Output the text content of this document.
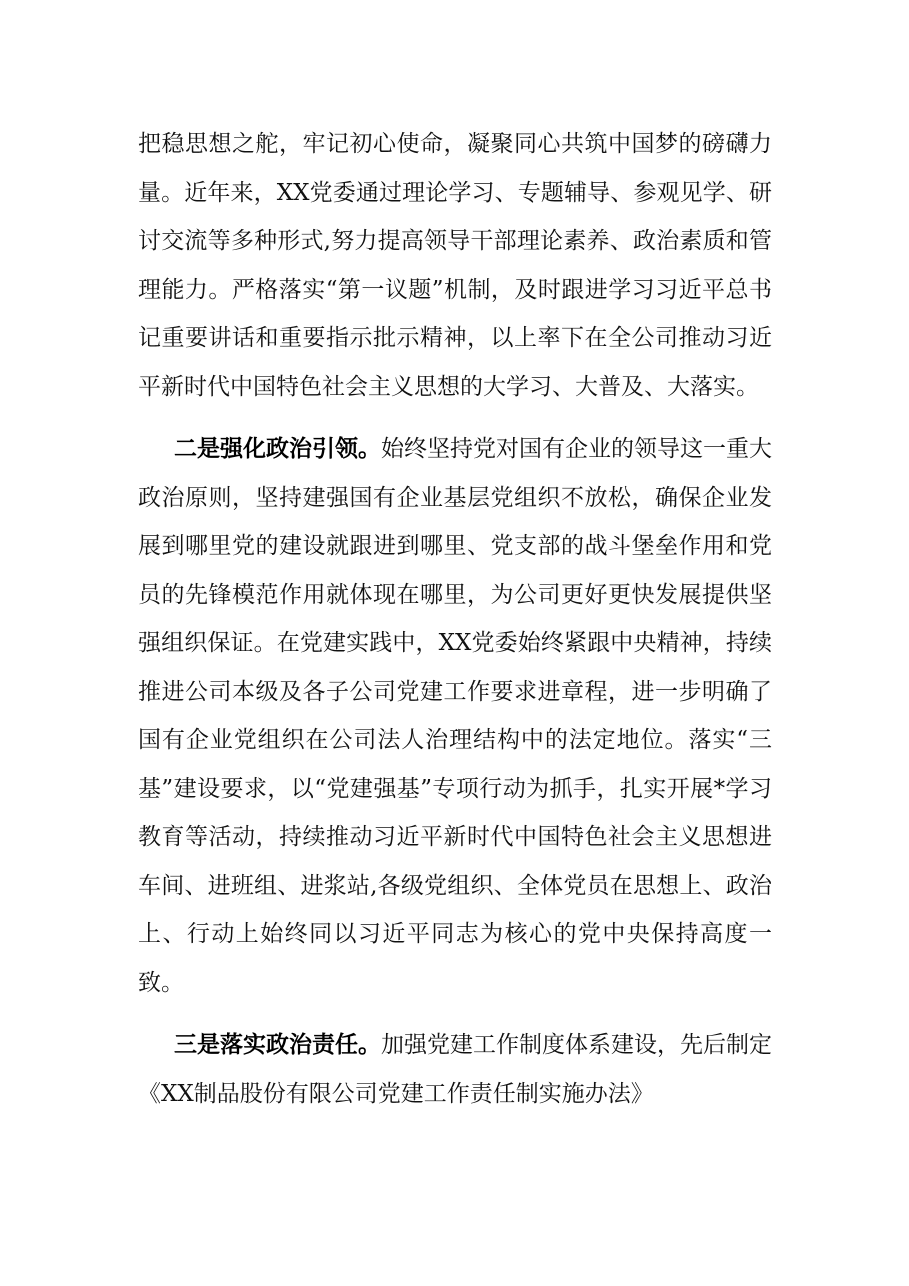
把稳思想之舵，牢记初心使命，凝聚同心共筑中国梦的磅礴力量。近年来，XX党委通过理论学习、专题辅导、参观见学、研讨交流等多种形式,努力提高领导干部理论素养、政治素质和管理能力。严格落实“第一议题”机制，及时跟进学习习近平总书记重要讲话和重要指示批示精神，以上率下在全公司推动习近平新时代中国特色社会主义思想的大学习、大普及、大落实。

二是强化政治引领。始终坚持党对国有企业的领导这一重大政治原则，坚持建强国有企业基层党组织不放松，确保企业发展到哪里党的建设就跟进到哪里、党支部的战斗堡垒作用和党员的先锋模范作用就体现在哪里，为公司更好更快发展提供坚强组织保证。在党建实践中，XX党委始终紧跟中央精神，持续推进公司本级及各子公司党建工作要求进章程，进一步明确了国有企业党组织在公司法人治理结构中的法定地位。落实“三基”建设要求，以“党建强基”专项行动为抓手，扎实开展*学习教育等活动，持续推动习近平新时代中国特色社会主义思想进车间、进班组、进浆站,各级党组织、全体党员在思想上、政治上、行动上始终同以习近平同志为核心的党中央保持高度一致。

三是落实政治责任。加强党建工作制度体系建设，先后制定《XX制品股份有限公司党建工作责任制实施办法》
